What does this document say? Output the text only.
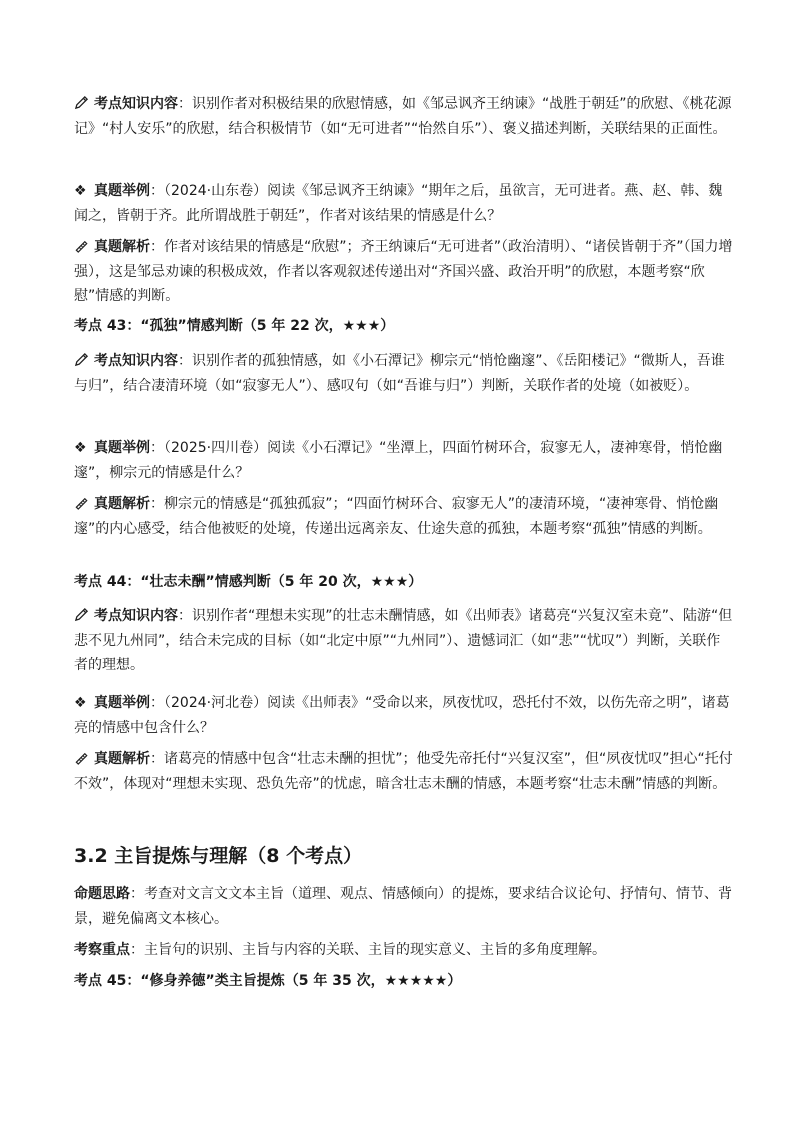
考点知识内容：识别作者对积极结果的欣慰情感，如《邹忌讽齐王纳谏》“战胜于朝廷”的欣慰、《桃花源记》“村人安乐”的欣慰，结合积极情节（如“无可进者”“怡然自乐”）、褒义描述判断，关联结果的正面性。

❖ 真题举例：（2024·山东卷）阅读《邹忌讽齐王纳谏》“期年之后，虽欲言，无可进者。燕、赵、韩、魏闻之，皆朝于齐。此所谓战胜于朝廷”，作者对该结果的情感是什么？

真题解析：作者对该结果的情感是“欣慰”；齐王纳谏后“无可进者”（政治清明）、“诸侯皆朝于齐”（国力增强），这是邹忌劝谏的积极成效，作者以客观叙述传递出对“齐国兴盛、政治开明”的欣慰，本题考察“欣慰”情感的判断。

考点 43：“孤独”情感判断（5 年 22 次，★★★）

考点知识内容：识别作者的孤独情感，如《小石潭记》柳宗元“悄怆幽邃”、《岳阳楼记》“微斯人，吾谁与归”，结合凄清环境（如“寂寥无人”）、感叹句（如“吾谁与归”）判断，关联作者的处境（如被贬）。

❖ 真题举例：（2025·四川卷）阅读《小石潭记》“坐潭上，四面竹树环合，寂寥无人，凄神寒骨，悄怆幽邃”，柳宗元的情感是什么？

真题解析：柳宗元的情感是“孤独孤寂”；“四面竹树环合、寂寥无人”的凄清环境，“凄神寒骨、悄怆幽邃”的内心感受，结合他被贬的处境，传递出远离亲友、仕途失意的孤独，本题考察“孤独”情感的判断。

考点 44：“壮志未酬”情感判断（5 年 20 次，★★★）

考点知识内容：识别作者“理想未实现”的壮志未酬情感，如《出师表》诸葛亮“兴复汉室未竟”、陆游“但悲不见九州同”，结合未完成的目标（如“北定中原”“九州同”）、遗憾词汇（如“悲”“忧叹”）判断，关联作者的理想。

❖ 真题举例：（2024·河北卷）阅读《出师表》“受命以来，夙夜忧叹，恐托付不效，以伤先帝之明”，诸葛亮的情感中包含什么？

真题解析：诸葛亮的情感中包含“壮志未酬的担忧”；他受先帝托付“兴复汉室”，但“夙夜忧叹”担心“托付不效”，体现对“理想未实现、恐负先帝”的忧虑，暗含壮志未酬的情感，本题考察“壮志未酬”情感的判断。

3.2 主旨提炼与理解（8 个考点）

命题思路：考查对文言文文本主旨（道理、观点、情感倾向）的提炼，要求结合议论句、抒情句、情节、背景，避免偏离文本核心。

考察重点：主旨句的识别、主旨与内容的关联、主旨的现实意义、主旨的多角度理解。

考点 45：“修身养德”类主旨提炼（5 年 35 次，★★★★★）
